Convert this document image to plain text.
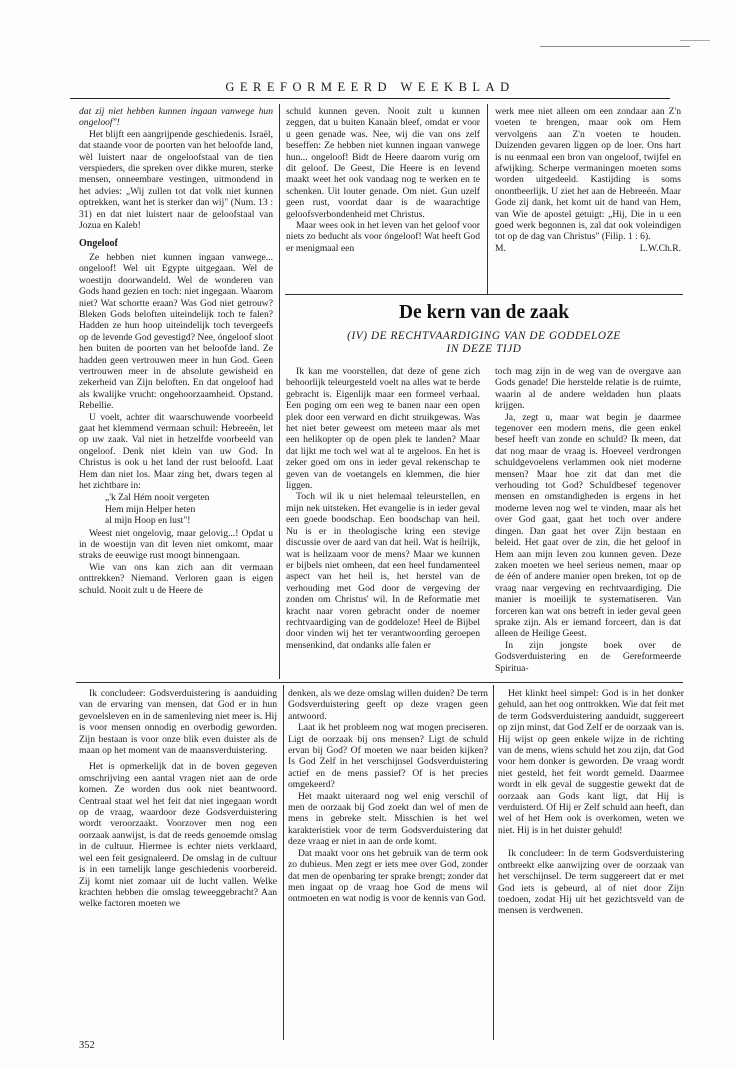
GEREFORMEERD WEEKBLAD

dat zij niet hebben kunnen ingaan vanwege hun ongeloof"!

Het blijft een aangrijpende geschiedenis. Israël, dat staande voor de poorten van het beloofde land, wèl luistert naar de ongeloofstaal van de tien verspieders, die spreken over dikke muren, sterke mensen, onneembare vestingen, uitmondend in het advies: „Wij zullen tot dat volk niet kunnen optrekken, want het is sterker dan wij" (Num. 13 : 31) en dat niet luistert naar de geloofstaal van Jozua en Kaleb!

Ongeloof

Ze hebben niet kunnen ingaan vanwege... ongeloof! Wel uit Egypte uitgegaan. Wel de woestijn doorwandeld. Wel de wonderen van Gods hand gezien en toch: niet ingegaan. Waarom niet? Wat schortte eraan? Was God niet getrouw? Bleken Gods beloften uiteindelijk toch te falen? Hadden ze hun hoop uiteindelijk toch tevergeefs op de levende God gevestigd? Nee, óngeloof sloot hen buiten de poorten van het beloofde land. Ze hadden geen vertrouwen meer in hun God. Geen vertrouwen meer in de absolute gewisheid en zekerheid van Zijn beloften. En dat ongeloof had als kwalijke vrucht: ongehoorzaamheid. Opstand. Rebellie.

U voelt, achter dit waarschuwende voorbeeld gaat het klemmend vermaan schuil: Hebreeën, let op uw zaak. Val niet in hetzelfde voorbeeld van ongeloof. Denk niet klein van uw God. In Christus is ook u het land der rust beloofd. Laat Hem dan niet los. Maar zing het, dwars tegen al het zichtbare in:

„'k Zal Hém nooit vergeten
Hem mijn Helper heten
al mijn Hoop en lust"!

Weest niet ongelovig, maar gelovig...! Opdat u in de woestijn van dit leven niet omkomt, maar straks de eeuwige rust moogt binnengaan.

Wie van ons kan zich aan dit vermaan onttrekken? Niemand. Verloren gaan is eigen schuld. Nooit zult u de Heere de

schuld kunnen geven. Nooit zult u kunnen zeggen, dat u buiten Kanaän bleef, omdat er voor u geen genade was. Nee, wij die van ons zelf beseffen: Ze hebben niet kunnen ingaan vanwege hun... ongeloof! Bidt de Heere daarom vurig om dit geloof. De Geest, Die Heere is en levend maakt weet het ook vandaag nog te werken en te schenken. Uit louter genade. Om niet. Gun uzelf geen rust, voordat daar is de waarachtige geloofsverbondenheid met Christus.

Maar wees ook in het leven van het geloof voor niets zo beducht als voor óngeloof! Wat heeft God er menigmaal een

werk mee niet alleen om een zondaar aan Z'n voeten te brengen, maar ook om Hem vervolgens aan Z'n voeten te houden. Duizenden gevaren liggen op de loer. Ons hart is nu eenmaal een bron van ongeloof, twijfel en afwijking. Scherpe vermaningen moeten soms worden uitgedeeld. Kastijding is soms onontbeerlijk. U ziet het aan de Hebreeën. Maar Gode zij dank, het komt uit de hand van Hem, van Wie de apostel getuigt: „Hij, Die in u een goed werk begonnen is, zal dat ook voleindigen tot op de dag van Christus" (Filip. 1 : 6).

M.	L.W.Ch.R.
De kern van de zaak
(IV) DE RECHTVAARDIGING VAN DE GODDELOZE
IN DEZE TIJD

Ik kan me voorstellen, dat deze of gene zich behoorlijk teleurgesteld voelt na alles wat te berde gebracht is. Eigenlijk maar een formeel verhaal. Een poging om een weg te banen naar een open plek door een verward en dicht struikgewas. Was het niet beter geweest om meteen maar als met een helikopter op de open plek te landen? Maar dat lijkt me toch wel wat al te argeloos. En het is zeker goed om ons in ieder geval rekenschap te geven van de voetangels en klemmen, die hier liggen.

Toch wil ik u niet helemaal teleurstellen, en mijn nek uitsteken. Het evangelie is in ieder geval een goede boodschap. Een boodschap van heil. Nu is er in theologische kring een stevige discussie over de aard van dat heil. Wat is heilrijk, wat is heilzaam voor de mens? Maar we kunnen er bijbels niet omheen, dat een heel fundamenteel aspect van het heil is, het herstel van de verhouding met God door de vergeving der zonden om Christus' wil. In de Reformatie met kracht naar voren gebracht onder de noemer rechtvaardiging van de goddeloze! Heel de Bijbel door vinden wij het ter verantwoording geroepen mensenkind, dat ondanks alle falen er

toch mag zijn in de weg van de overgave aan Gods genade! Die herstelde relatie is de ruimte, waarin al de andere weldaden hun plaats krijgen.

Ja, zegt u, maar wat begin je daarmee tegenover een modern mens, die geen enkel besef heeft van zonde en schuld? Ik meen, dat dat nog maar de vraag is. Hoeveel verdrongen schuldgevoelens verlammen ook niet moderne mensen? Maar hoe zit dat dan met die verhouding tot God? Schuldbesef tegenover mensen en omstandigheden is ergens in het moderne leven nog wel te vinden, maar als het over God gaat, gaat het toch over andere dingen. Dan gaat het over Zijn bestaan en beleid. Het gaat over de zin, die het geloof in Hem aan mijn leven zou kunnen geven. Deze zaken moeten we heel serieus nemen, maar op de één of andere manier open breken, tot op de vraag naar vergeving en rechtvaardiging. Die manier is moeilijk te systematiseren. Van forceren kan wat ons betreft in ieder geval geen sprake zijn. Als er iemand forceert, dan is dat alleen de Heilige Geest.

In zijn jongste boek over de Godsverduistering en de Gereformeerde Spiritua-

Ik concludeer: Godsverduistering is aanduiding van de ervaring van mensen, dat God er in hun gevoelsleven en in de samenleving niet meer is. Hij is voor mensen onnodig en overbodig geworden. Zijn bestaan is voor onze blik even duister als de maan op het moment van de maansverduistering.

Het is opmerkelijk dat in de boven gegeven omschrijving een aantal vragen niet aan de orde komen. Ze worden dus ook niet beantwoord. Centraal staat wel het feit dat niet ingegaan wordt op de vraag, waardoor deze Godsverduistering wordt veroorzaakt. Voorzover men nog een oorzaak aanwijst, is dat de reeds genoemde omslag in de cultuur. Hiermee is echter niets verklaard, wel een feit gesignaleerd. De omslag in de cultuur is in een tamelijk lange geschiedenis voorbereid. Zij komt niet zomaar uit de lucht vallen. Welke krachten hebben die omslag teweeggebracht? Aan welke factoren moeten we

denken, als we deze omslag willen duiden? De term Godsverduistering geeft op deze vragen geen antwoord.

Laat ik het probleem nog wat mogen preciseren. Ligt de oorzaak bij ons mensen? Ligt de schuld ervan bij God? Of moeten we naar beiden kijken? Is God Zelf in het verschijnsel Godsverduistering actief en de mens passief? Of is het precies omgekeerd?

Het maakt uiteraard nog wel enig verschil of men de oorzaak bij God zoekt dan wel of men de mens in gebreke stelt. Misschien is het wel karakteristiek voor de term Godsverduistering dat deze vraag er niet in aan de orde komt.

Dat maakt voor ons het gebruik van de term ook zo dubieus. Men zegt er iets mee over God, zonder dat men de openbaring ter sprake brengt; zonder dat men ingaat op de vraag hoe God de mens wil ontmoeten en wat nodig is voor de kennis van God.

Het klinkt heel simpel: God is in het donker gehuld, aan het oog onttrokken. Wie dat feit met de term Godsverduistering aanduidt, suggereert op zijn minst, dat God Zelf er de oorzaak van is. Hij wijst op geen enkele wijze in de richting van de mens, wiens schuld het zou zijn, dat God voor hem donker is geworden. De vraag wordt niet gesteld, het feit wordt gemeld. Daarmee wordt in elk geval de suggestie gewekt dat de oorzaak aan Gods kant ligt, dat Hij is verduisterd. Of Hij er Zelf schuld aan heeft, dan wel of het Hem ook is overkomen, weten we niet. Hij is in het duister gehuld!

Ik concludeer: In de term Godsverduistering ontbreekt elke aanwijzing over de oorzaak van het verschijnsel. De term suggereert dat er met God iets is gebeurd, al of niet door Zijn toedoen, zodat Hij uit het gezichtsveld van de mensen is verdwenen.

352
